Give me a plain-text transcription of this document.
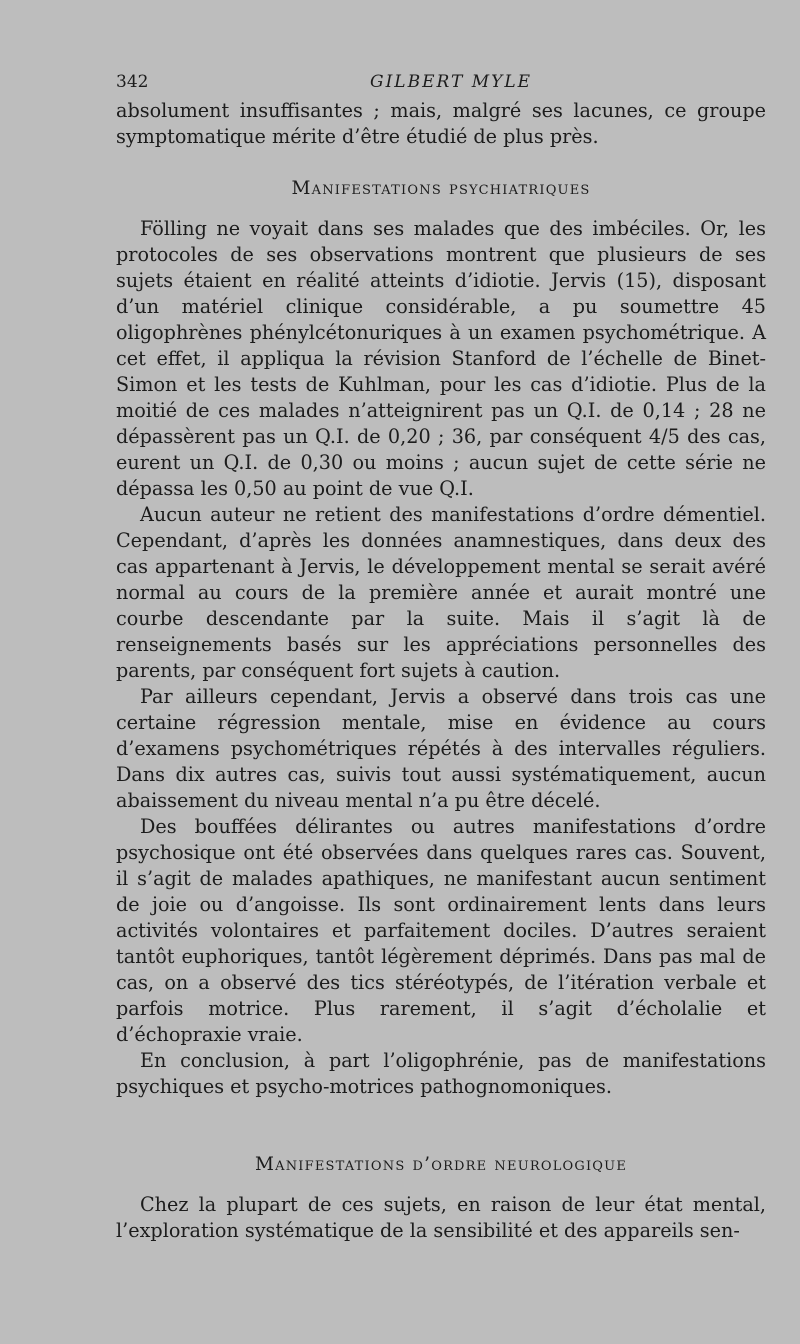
342	GILBERT MYLE

absolument insuffisantes ; mais, malgré ses lacunes, ce groupe symptomatique mérite d’être étudié de plus près.

Manifestations psychiatriques

Fölling ne voyait dans ses malades que des imbéciles. Or, les protocoles de ses observations montrent que plusieurs de ses sujets étaient en réalité atteints d’idiotie. Jervis (15), disposant d’un matériel clinique considérable, a pu soumettre 45 oligophrènes phénylcétonuriques à un examen psychométrique. A cet effet, il appliqua la révision Stanford de l’échelle de Binet-Simon et les tests de Kuhlman, pour les cas d’idiotie. Plus de la moitié de ces malades n’atteignirent pas un Q.I. de 0,14 ; 28 ne dépassèrent pas un Q.I. de 0,20 ; 36, par conséquent 4/5 des cas, eurent un Q.I. de 0,30 ou moins ; aucun sujet de cette série ne dépassa les 0,50 au point de vue Q.I.

Aucun auteur ne retient des manifestations d’ordre démentiel. Cependant, d’après les données anamnestiques, dans deux des cas appartenant à Jervis, le développement mental se serait avéré normal au cours de la première année et aurait montré une courbe descendante par la suite. Mais il s’agit là de renseignements basés sur les appréciations personnelles des parents, par conséquent fort sujets à caution.

Par ailleurs cependant, Jervis a observé dans trois cas une certaine régression mentale, mise en évidence au cours d’examens psychométriques répétés à des intervalles réguliers. Dans dix autres cas, suivis tout aussi systématiquement, aucun abaissement du niveau mental n’a pu être décelé.

Des bouffées délirantes ou autres manifestations d’ordre psychosique ont été observées dans quelques rares cas. Souvent, il s’agit de malades apathiques, ne manifestant aucun sentiment de joie ou d’angoisse. Ils sont ordinairement lents dans leurs activités volontaires et parfaitement dociles. D’autres seraient tantôt euphoriques, tantôt légèrement déprimés. Dans pas mal de cas, on a observé des tics stéréotypés, de l’itération verbale et parfois motrice. Plus rarement, il s’agit d’écholalie et d’échopraxie vraie.

En conclusion, à part l’oligophrénie, pas de manifestations psychiques et psycho-motrices pathognomoniques.

Manifestations d’ordre neurologique

Chez la plupart de ces sujets, en raison de leur état mental, l’exploration systématique de la sensibilité et des appareils sen-
